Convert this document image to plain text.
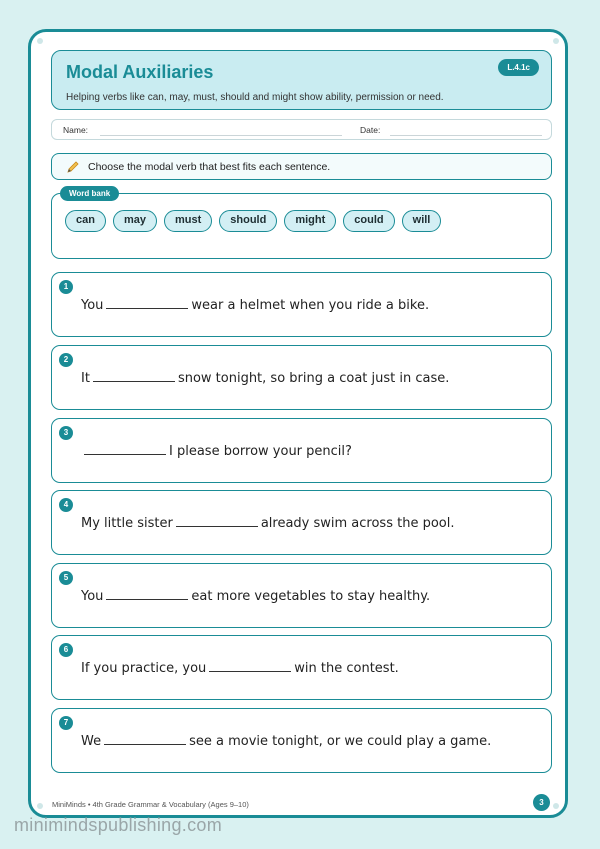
Modal Auxiliaries
Helping verbs like can, may, must, should and might show ability, permission or need.
L.4.1c
Name:	Date:
Choose the modal verb that best fits each sentence.
Word bank
can	may	must	should	might	could	will
1
You	wear a helmet when you ride a bike.
2
It	snow tonight, so bring a coat just in case.
3
I please borrow your pencil?
4
My little sister	already swim across the pool.
5
You	eat more vegetables to stay healthy.
6
If you practice, you	win the contest.
7
We	see a movie tonight, or we could play a game.
MiniMinds • 4th Grade Grammar & Vocabulary (Ages 9–10)	3
minimindspublishing.com
